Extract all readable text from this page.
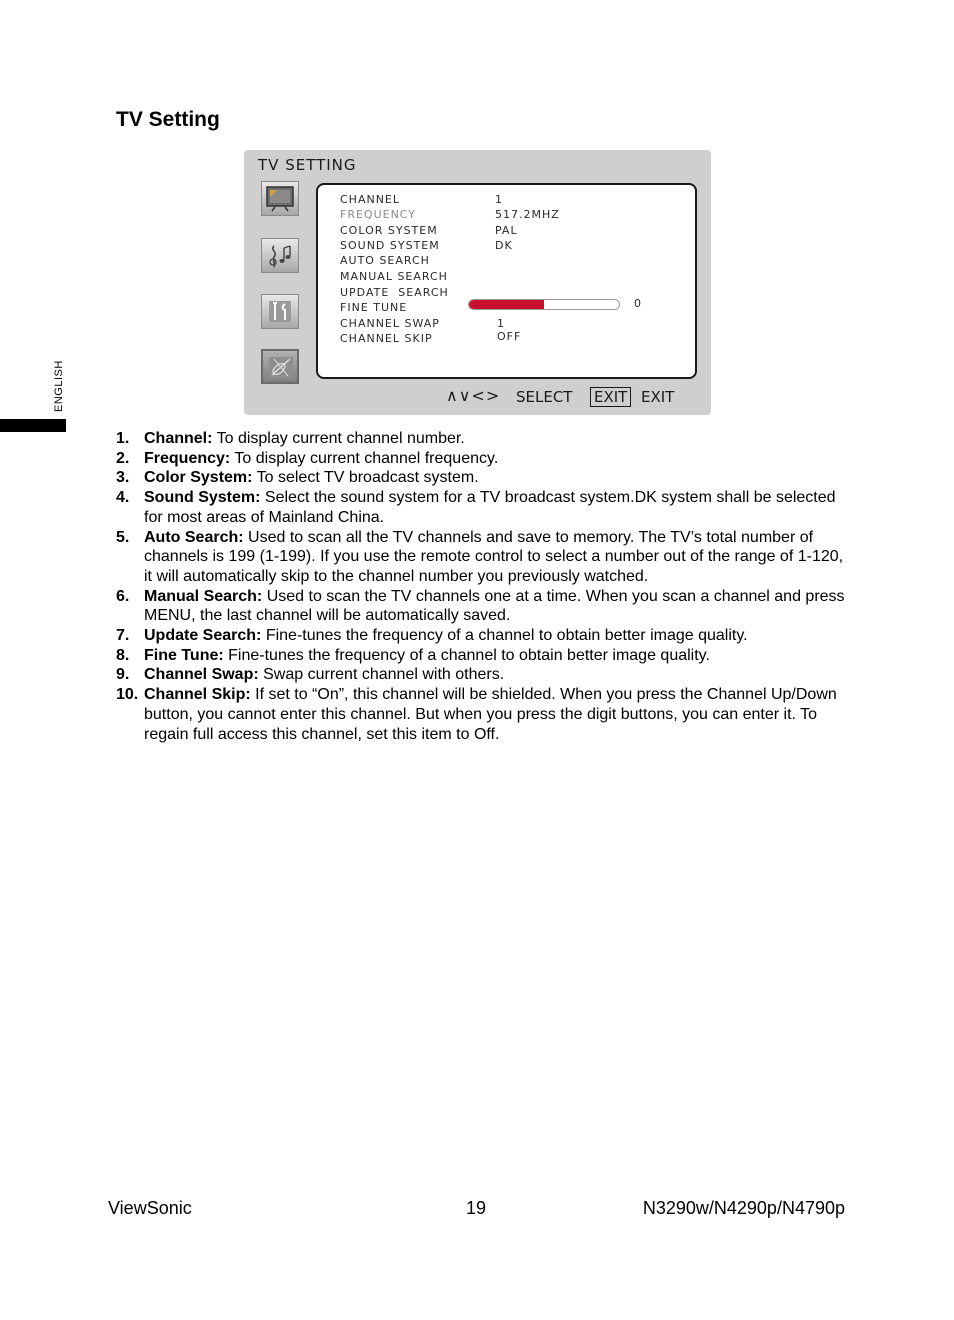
ENGLISH
TV Setting
TV SETTING
CHANNEL	1
FREQUENCY	517.2MHZ
COLOR SYSTEM	PAL
SOUND SYSTEM	DK
AUTO SEARCH
MANUAL SEARCH
UPDATE  SEARCH
FINE TUNE	0
CHANNEL SWAP	1
CHANNEL SKIP	OFF
∧∨<> SELECT EXIT EXIT
1. Channel: To display current channel number.
2. Frequency: To display current channel frequency.
3. Color System: To select TV broadcast system.
4. Sound System: Select the sound system for a TV broadcast system.DK system shall be selected for most areas of Mainland China.
5. Auto Search: Used to scan all the TV channels and save to memory. The TV’s total number of channels is 199 (1-199). If you use the remote control to select a number out of the range of 1-120, it will automatically skip to the channel number you previously watched.
6. Manual Search: Used to scan the TV channels one at a time. When you scan a channel and press MENU, the last channel will be automatically saved.
7. Update Search: Fine-tunes the frequency of a channel to obtain better image quality.
8. Fine Tune: Fine-tunes the frequency of a channel to obtain better image quality.
9. Channel Swap: Swap current channel with others.
10. Channel Skip: If set to “On”, this channel will be shielded. When you press the Channel Up/Down button, you cannot enter this channel. But when you press the digit buttons, you can enter it. To regain full access this channel, set this item to Off.
ViewSonic	19	N3290w/N4290p/N4790p
